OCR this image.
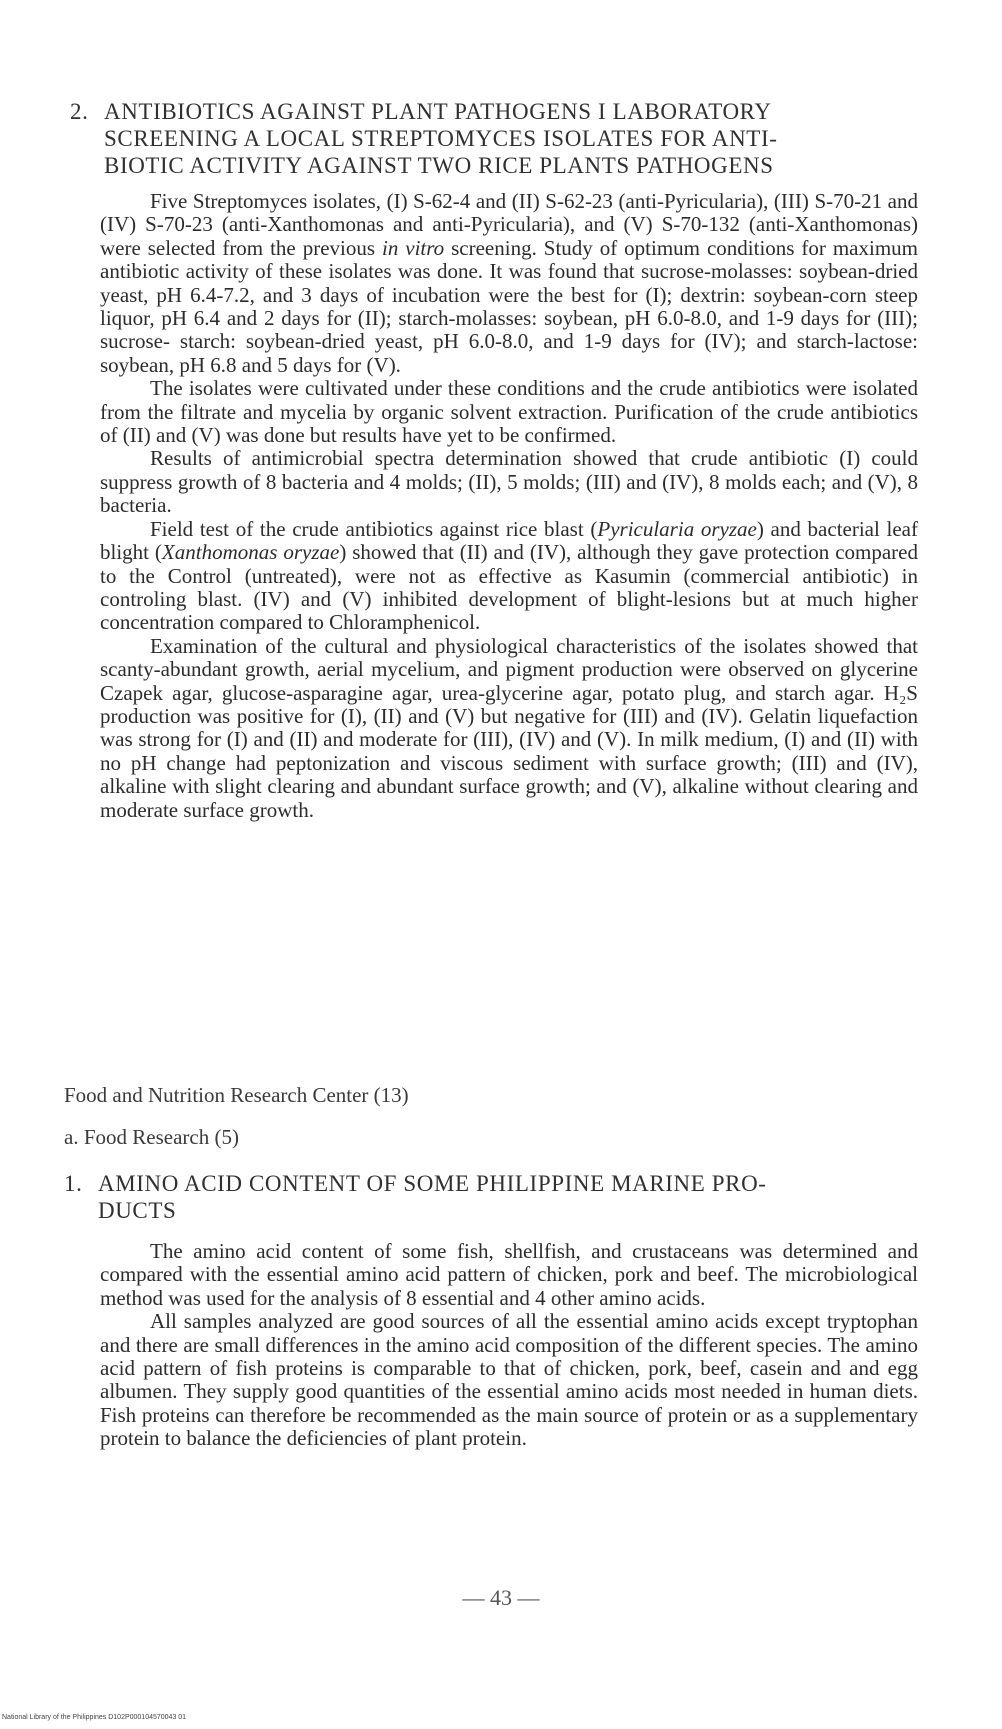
2. ANTIBIOTICS AGAINST PLANT PATHOGENS I LABORATORY
SCREENING A LOCAL STREPTOMYCES ISOLATES FOR ANTI-
BIOTIC ACTIVITY AGAINST TWO RICE PLANTS PATHOGENS

Five Streptomyces isolates, (I) S-62-4 and (II) S-62-23 (anti-Pyricularia), (III) S-70-21 and (IV) S-70-23 (anti-Xanthomonas and anti-Pyricularia), and (V) S-70-132 (anti-Xanthomonas) were selected from the previous in vitro screening. Study of optimum conditions for maximum antibiotic activity of these isolates was done. It was found that sucrose-molasses: soybean-dried yeast, pH 6.4-7.2, and 3 days of incubation were the best for (I); dextrin: soybean-corn steep liquor, pH 6.4 and 2 days for (II); starch-molasses: soybean, pH 6.0-8.0, and 1-9 days for (III); sucrose- starch: soybean-dried yeast, pH 6.0-8.0, and 1-9 days for (IV); and starch-lactose: soybean, pH 6.8 and 5 days for (V).

The isolates were cultivated under these conditions and the crude antibiotics were isolated from the filtrate and mycelia by organic solvent extraction. Purification of the crude antibiotics of (II) and (V) was done but results have yet to be confirmed.

Results of antimicrobial spectra determination showed that crude antibiotic (I) could suppress growth of 8 bacteria and 4 molds; (II), 5 molds; (III) and (IV), 8 molds each; and (V), 8 bacteria.

Field test of the crude antibiotics against rice blast (Pyricularia oryzae) and bacterial leaf blight (Xanthomonas oryzae) showed that (II) and (IV), although they gave protection compared to the Control (untreated), were not as effective as Kasumin (commercial antibiotic) in controling blast. (IV) and (V) inhibited development of blight-lesions but at much higher concentration compared to Chloramphenicol.

Examination of the cultural and physiological characteristics of the isolates showed that scanty-abundant growth, aerial mycelium, and pigment production were observed on glycerine Czapek agar, glucose-asparagine agar, urea-glycerine agar, potato plug, and starch agar. H₂S production was positive for (I), (II) and (V) but negative for (III) and (IV). Gelatin liquefaction was strong for (I) and (II) and moderate for (III), (IV) and (V). In milk medium, (I) and (II) with no pH change had peptonization and viscous sediment with surface growth; (III) and (IV), alkaline with slight clearing and abundant surface growth; and (V), alkaline without clearing and moderate surface growth.

Food and Nutrition Research Center (13)
a. Food Research (5)
1. AMINO ACID CONTENT OF SOME PHILIPPINE MARINE PRO-
DUCTS

The amino acid content of some fish, shellfish, and crustaceans was determined and compared with the essential amino acid pattern of chicken, pork and beef. The microbiological method was used for the analysis of 8 essential and 4 other amino acids.

All samples analyzed are good sources of all the essential amino acids except tryptophan and there are small differences in the amino acid composition of the different species. The amino acid pattern of fish proteins is comparable to that of chicken, pork, beef, casein and and egg albumen. They supply good quantities of the essential amino acids most needed in human diets. Fish proteins can therefore be recommended as the main source of protein or as a supplementary protein to balance the deficiencies of plant protein.

— 43 —
National Library of the Philippines D102P000104570043 01
